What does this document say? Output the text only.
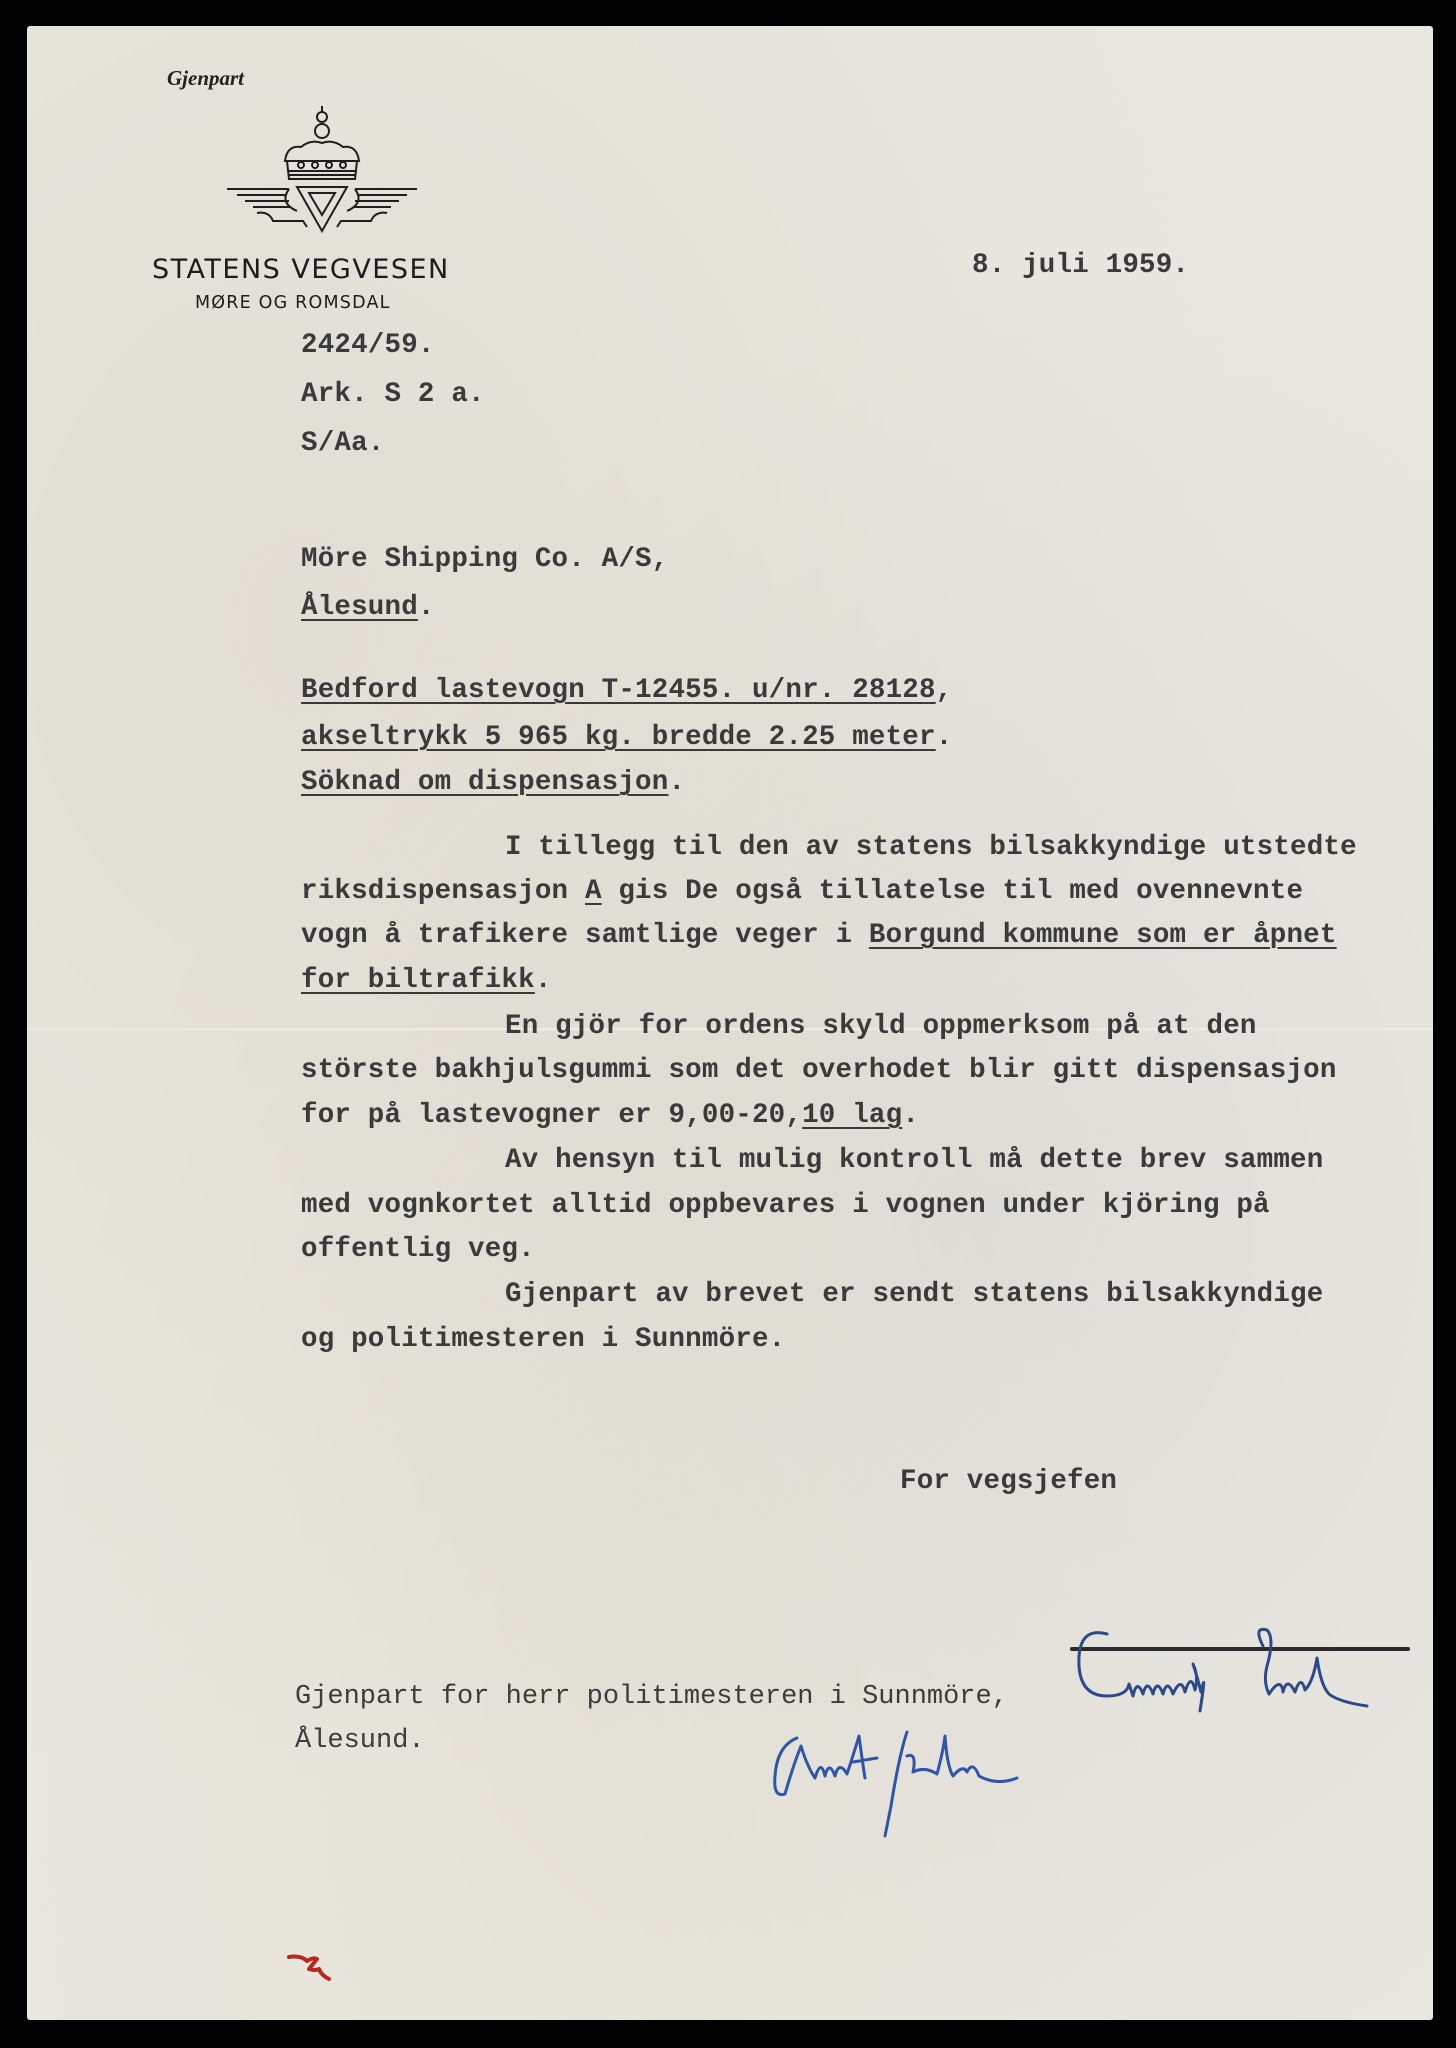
Gjenpart
STATENS VEGVESEN
MØRE OG ROMSDAL
8. juli 1959.
2424/59.
Ark. S 2 a.
S/Aa.
Möre Shipping Co. A/S,
Ålesund.
Bedford lastevogn T-12455. u/nr. 28128,
akseltrykk 5 965 kg. bredde 2.25 meter.
Söknad om dispensasjon.
I tillegg til den av statens bilsakkyndige utstedte
riksdispensasjon A gis De også tillatelse til med ovennevnte
vogn å trafikere samtlige veger i Borgund kommune som er åpnet
for biltrafikk.
En gjör for ordens skyld oppmerksom på at den
störste bakhjulsgummi som det overhodet blir gitt dispensasjon
for på lastevogner er 9,00-20,10 lag.
Av hensyn til mulig kontroll må dette brev sammen
med vognkortet alltid oppbevares i vognen under kjöring på
offentlig veg.
Gjenpart av brevet er sendt statens bilsakkyndige
og politimesteren i Sunnmöre.
For vegsjefen
Gjenpart for herr politimesteren i Sunnmöre,
Ålesund.
